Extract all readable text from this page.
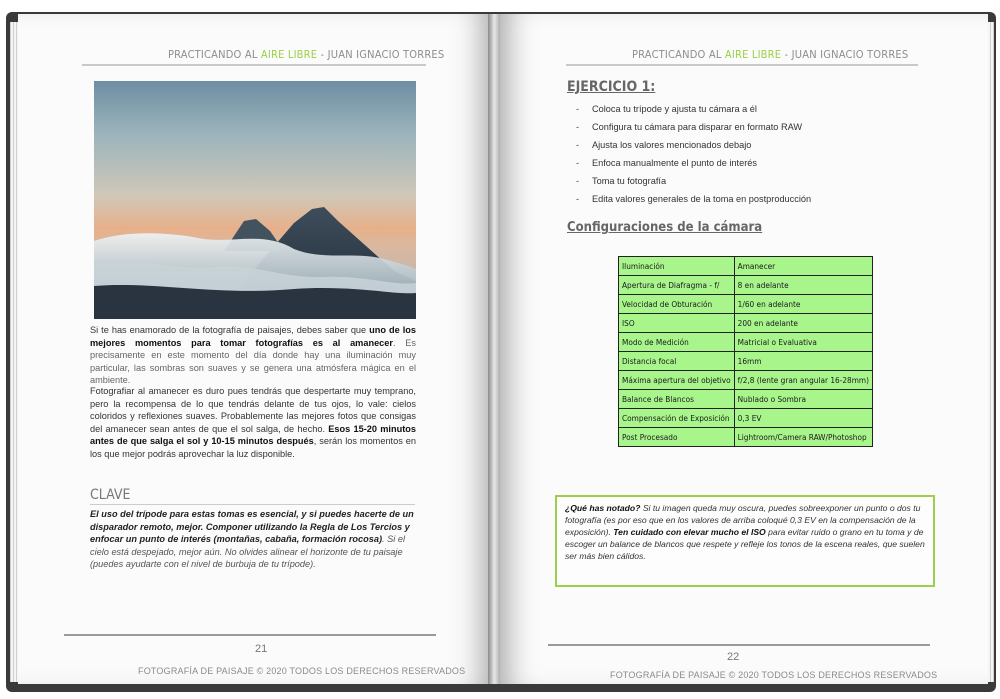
PRACTICANDO AL AIRE LIBRE - JUAN IGNACIO TORRES
Si te has enamorado de la fotografía de paisajes, debes saber que uno de los mejores momentos para tomar fotografías es al amanecer. Es precisamente en este momento del día donde hay una iluminación muy particular, las sombras son suaves y se genera una atmósfera mágica en el ambiente.
Fotografiar al amanecer es duro pues tendrás que despertarte muy temprano, pero la recompensa de lo que tendrás delante de tus ojos, lo vale: cielos coloridos y reflexiones suaves. Probablemente las mejores fotos que consigas del amanecer sean antes de que el sol salga, de hecho. Esos 15-20 minutos antes de que salga el sol y 10-15 minutos después, serán los momentos en los que mejor podrás aprovechar la luz disponible.
CLAVE
El uso del trípode para estas tomas es esencial, y si puedes hacerte de un disparador remoto, mejor. Componer utilizando la Regla de Los Tercios y enfocar un punto de interés (montañas, cabaña, formación rocosa). Si el cielo está despejado, mejor aún. No olvides alinear el horizonte de tu paisaje (puedes ayudarte con el nivel de burbuja de tu trípode).
21
FOTOGRAFÍA DE PAISAJE © 2020 TODOS LOS DERECHOS RESERVADOS
PRACTICANDO AL AIRE LIBRE - JUAN IGNACIO TORRES
EJERCICIO 1:
- Coloca tu trípode y ajusta tu cámara a él
- Configura tu cámara para disparar en formato RAW
- Ajusta los valores mencionados debajo
- Enfoca manualmente el punto de interés
- Toma tu fotografía
- Edita valores generales de la toma en postproducción
Configuraciones de la cámara
Iluminación	Amanecer
Apertura de Diafragma - f/	8 en adelante
Velocidad de Obturación	1/60 en adelante
ISO	200 en adelante
Modo de Medición	Matricial o Evaluativa
Distancia focal	16mm
Máxima apertura del objetivo	f/2,8 (lente gran angular 16-28mm)
Balance de Blancos	Nublado o Sombra
Compensación de Exposición	0,3 EV
Post Procesado	Lightroom/Camera RAW/Photoshop
¿Qué has notado? Si tu imagen queda muy oscura, puedes sobreexponer un punto o dos tu fotografía (es por eso que en los valores de arriba coloqué 0,3 EV en la compensación de la exposición). Ten cuidado con elevar mucho el ISO para evitar ruido o grano en tu toma y de escoger un balance de blancos que respete y refleje los tonos de la escena reales, que suelen ser más bien cálidos.
22
FOTOGRAFÍA DE PAISAJE © 2020 TODOS LOS DERECHOS RESERVADOS
